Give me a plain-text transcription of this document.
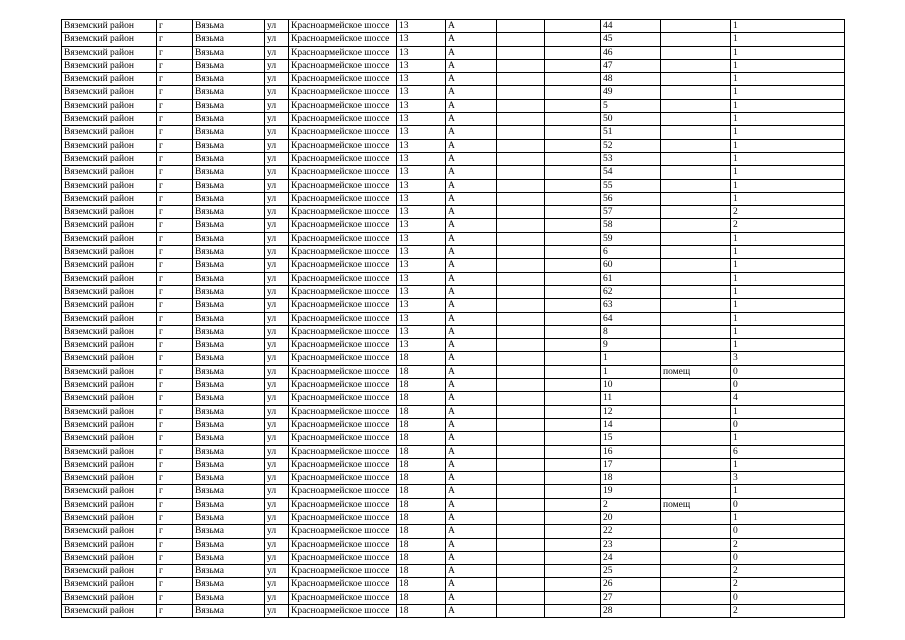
Вяземский район	г	Вязьма	ул	Красноармейское шоссе	13	А			44		1
Вяземский район	г	Вязьма	ул	Красноармейское шоссе	13	А			45		1
Вяземский район	г	Вязьма	ул	Красноармейское шоссе	13	А			46		1
Вяземский район	г	Вязьма	ул	Красноармейское шоссе	13	А			47		1
Вяземский район	г	Вязьма	ул	Красноармейское шоссе	13	А			48		1
Вяземский район	г	Вязьма	ул	Красноармейское шоссе	13	А			49		1
Вяземский район	г	Вязьма	ул	Красноармейское шоссе	13	А			5		1
Вяземский район	г	Вязьма	ул	Красноармейское шоссе	13	А			50		1
Вяземский район	г	Вязьма	ул	Красноармейское шоссе	13	А			51		1
Вяземский район	г	Вязьма	ул	Красноармейское шоссе	13	А			52		1
Вяземский район	г	Вязьма	ул	Красноармейское шоссе	13	А			53		1
Вяземский район	г	Вязьма	ул	Красноармейское шоссе	13	А			54		1
Вяземский район	г	Вязьма	ул	Красноармейское шоссе	13	А			55		1
Вяземский район	г	Вязьма	ул	Красноармейское шоссе	13	А			56		1
Вяземский район	г	Вязьма	ул	Красноармейское шоссе	13	А			57		2
Вяземский район	г	Вязьма	ул	Красноармейское шоссе	13	А			58		2
Вяземский район	г	Вязьма	ул	Красноармейское шоссе	13	А			59		1
Вяземский район	г	Вязьма	ул	Красноармейское шоссе	13	А			6		1
Вяземский район	г	Вязьма	ул	Красноармейское шоссе	13	А			60		1
Вяземский район	г	Вязьма	ул	Красноармейское шоссе	13	А			61		1
Вяземский район	г	Вязьма	ул	Красноармейское шоссе	13	А			62		1
Вяземский район	г	Вязьма	ул	Красноармейское шоссе	13	А			63		1
Вяземский район	г	Вязьма	ул	Красноармейское шоссе	13	А			64		1
Вяземский район	г	Вязьма	ул	Красноармейское шоссе	13	А			8		1
Вяземский район	г	Вязьма	ул	Красноармейское шоссе	13	А			9		1
Вяземский район	г	Вязьма	ул	Красноармейское шоссе	18	А			1		3
Вяземский район	г	Вязьма	ул	Красноармейское шоссе	18	А			1	помещ	0
Вяземский район	г	Вязьма	ул	Красноармейское шоссе	18	А			10		0
Вяземский район	г	Вязьма	ул	Красноармейское шоссе	18	А			11		4
Вяземский район	г	Вязьма	ул	Красноармейское шоссе	18	А			12		1
Вяземский район	г	Вязьма	ул	Красноармейское шоссе	18	А			14		0
Вяземский район	г	Вязьма	ул	Красноармейское шоссе	18	А			15		1
Вяземский район	г	Вязьма	ул	Красноармейское шоссе	18	А			16		6
Вяземский район	г	Вязьма	ул	Красноармейское шоссе	18	А			17		1
Вяземский район	г	Вязьма	ул	Красноармейское шоссе	18	А			18		3
Вяземский район	г	Вязьма	ул	Красноармейское шоссе	18	А			19		1
Вяземский район	г	Вязьма	ул	Красноармейское шоссе	18	А			2	помещ	0
Вяземский район	г	Вязьма	ул	Красноармейское шоссе	18	А			20		1
Вяземский район	г	Вязьма	ул	Красноармейское шоссе	18	А			22		0
Вяземский район	г	Вязьма	ул	Красноармейское шоссе	18	А			23		2
Вяземский район	г	Вязьма	ул	Красноармейское шоссе	18	А			24		0
Вяземский район	г	Вязьма	ул	Красноармейское шоссе	18	А			25		2
Вяземский район	г	Вязьма	ул	Красноармейское шоссе	18	А			26		2
Вяземский район	г	Вязьма	ул	Красноармейское шоссе	18	А			27		0
Вяземский район	г	Вязьма	ул	Красноармейское шоссе	18	А			28		2
